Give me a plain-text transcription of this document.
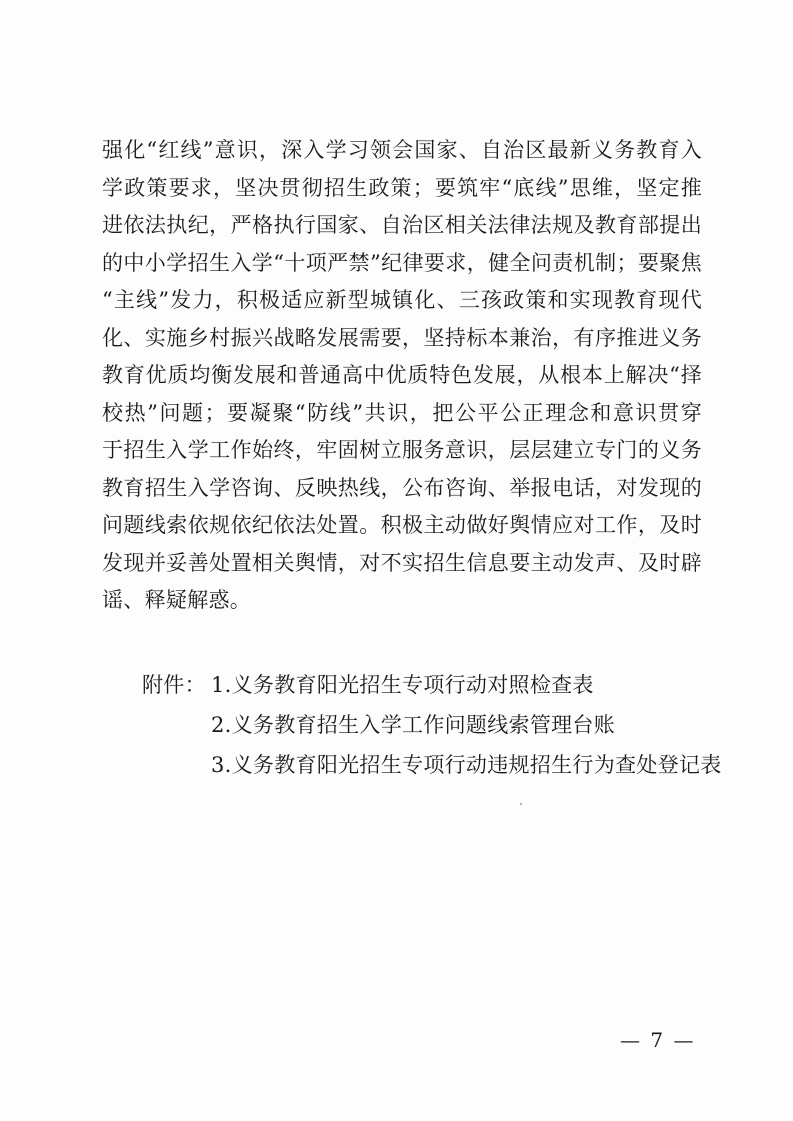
强化“红线”意识，深入学习领会国家、自治区最新义务教育入
学政策要求，坚决贯彻招生政策；要筑牢“底线”思维，坚定推
进依法执纪，严格执行国家、自治区相关法律法规及教育部提出
的中小学招生入学“十项严禁”纪律要求，健全问责机制；要聚焦
“主线”发力，积极适应新型城镇化、三孩政策和实现教育现代
化、实施乡村振兴战略发展需要，坚持标本兼治，有序推进义务
教育优质均衡发展和普通高中优质特色发展，从根本上解决“择
校热”问题；要凝聚“防线”共识，把公平公正理念和意识贯穿
于招生入学工作始终，牢固树立服务意识，层层建立专门的义务
教育招生入学咨询、反映热线，公布咨询、举报电话，对发现的
问题线索依规依纪依法处置。积极主动做好舆情应对工作，及时
发现并妥善处置相关舆情，对不实招生信息要主动发声、及时辟
谣、释疑解惑。
附件： 1.义务教育阳光招生专项行动对照检查表
2.义务教育招生入学工作问题线索管理台账
3.义务教育阳光招生专项行动违规招生行为查处登记表
— 7 —
